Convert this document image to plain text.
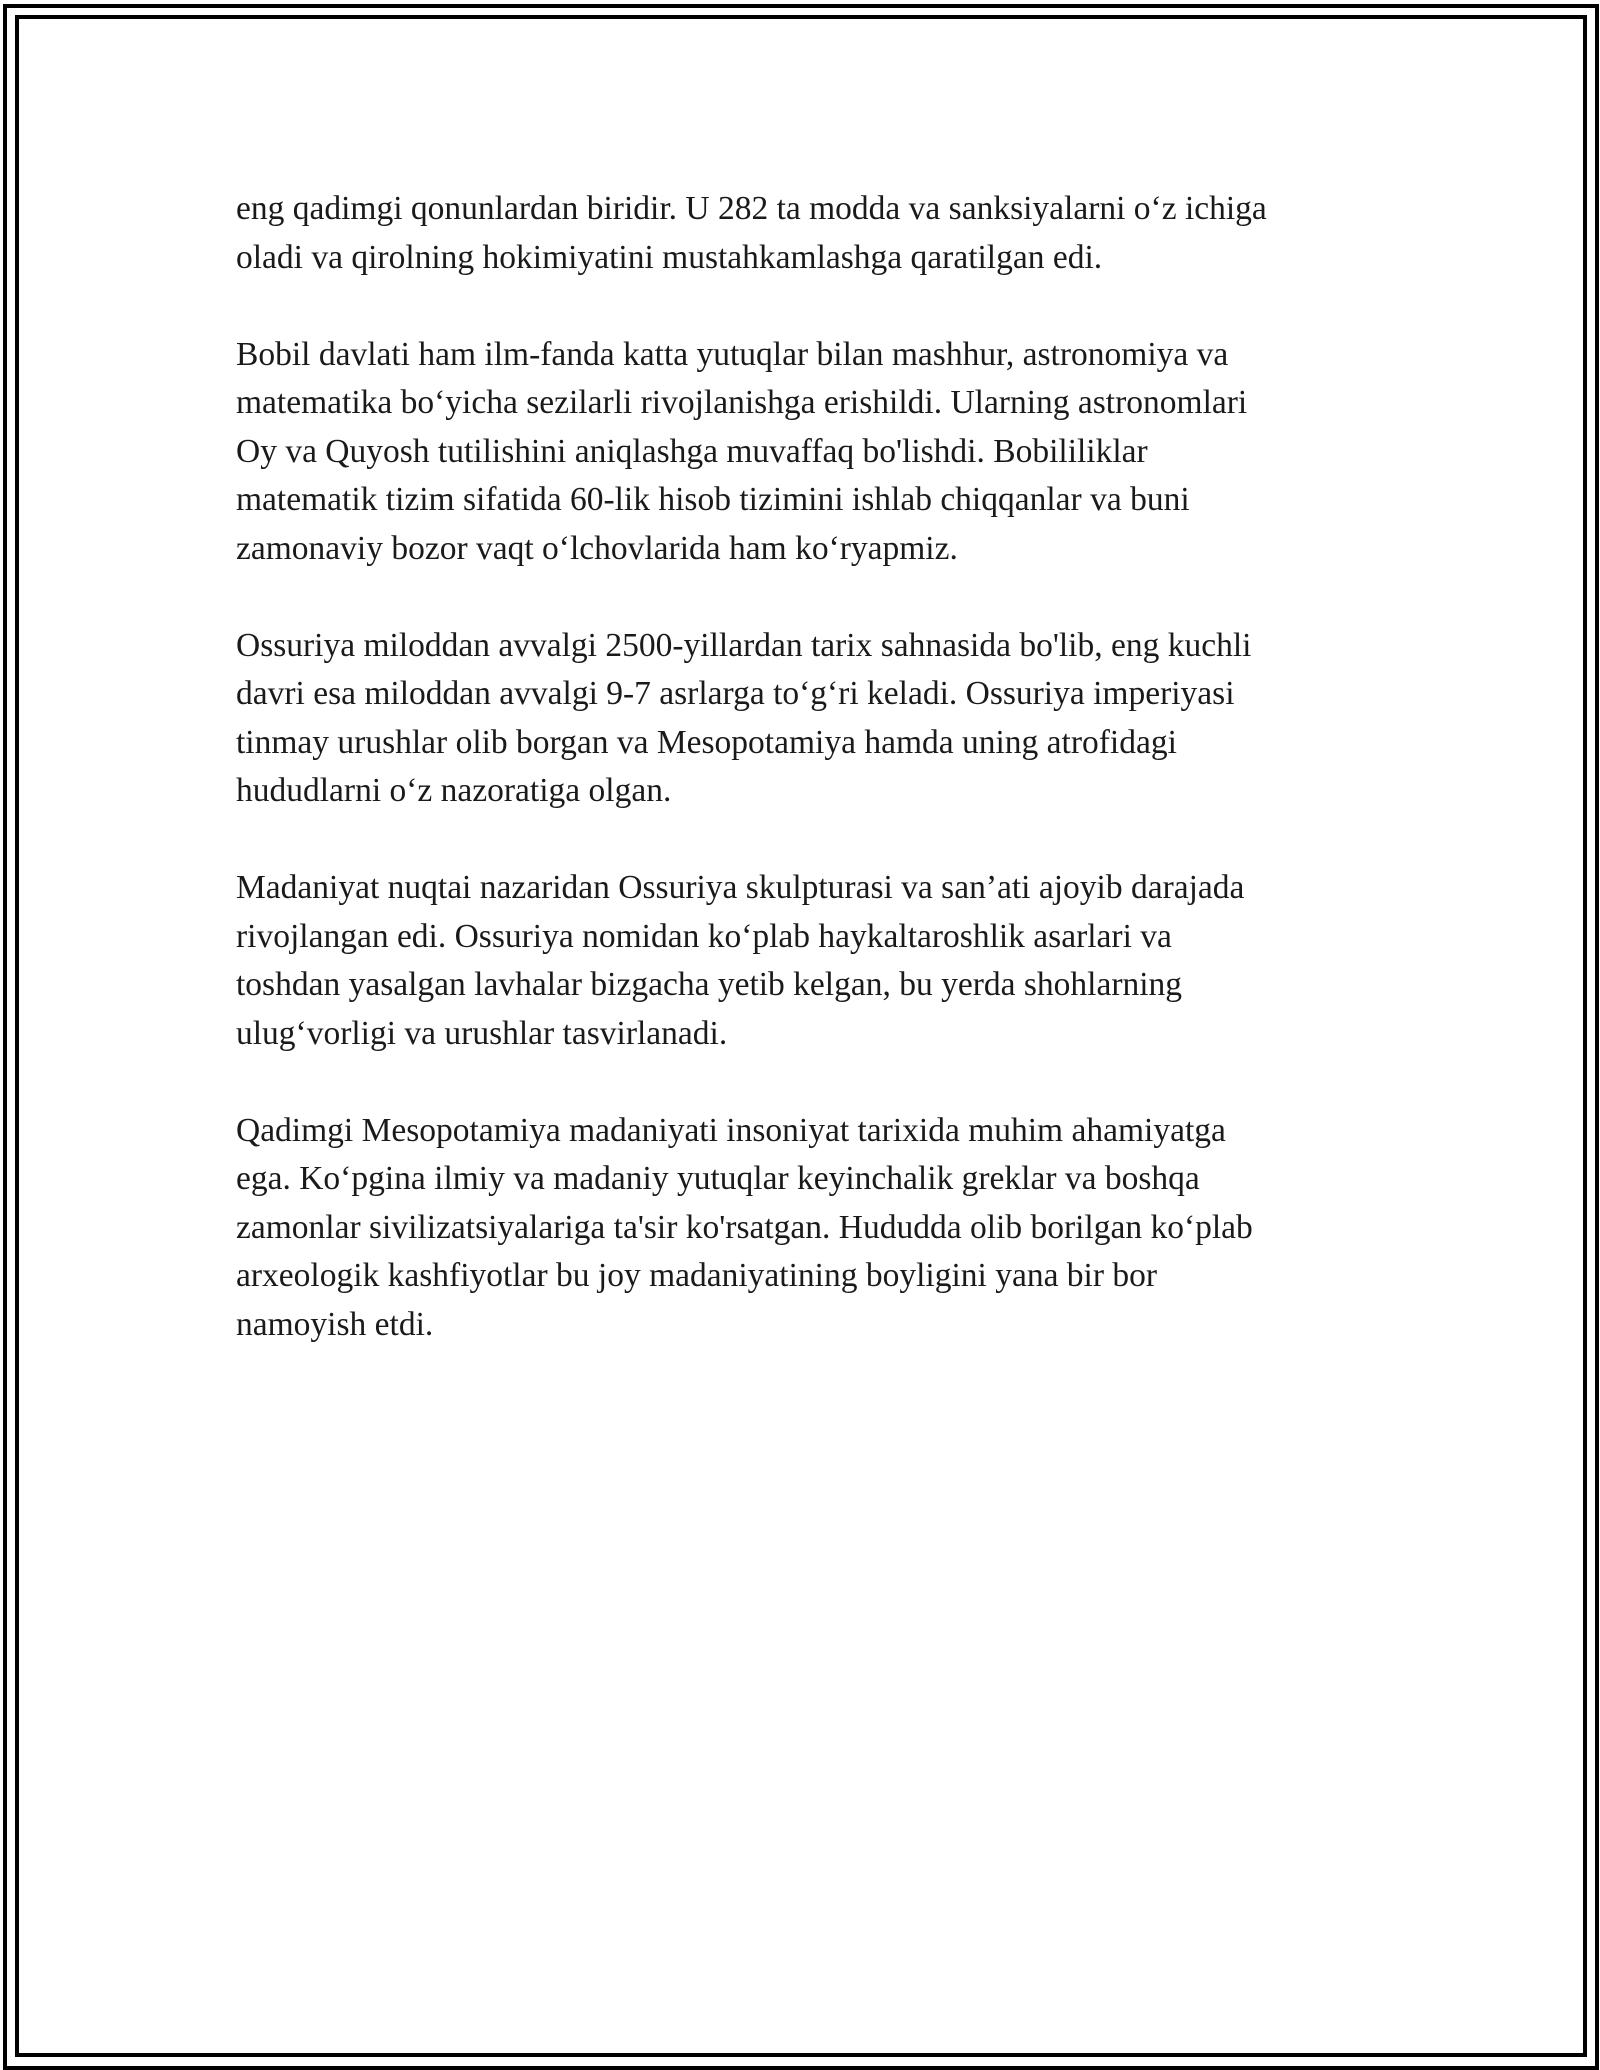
eng qadimgi qonunlardan biridir. U 282 ta modda va sanksiyalarni o‘z ichiga
oladi va qirolning hokimiyatini mustahkamlashga qaratilgan edi.

Bobil davlati ham ilm-fanda katta yutuqlar bilan mashhur, astronomiya va
matematika bo‘yicha sezilarli rivojlanishga erishildi. Ularning astronomlari
Oy va Quyosh tutilishini aniqlashga muvaffaq bo'lishdi. Bobililiklar
matematik tizim sifatida 60-lik hisob tizimini ishlab chiqqanlar va buni
zamonaviy bozor vaqt o‘lchovlarida ham ko‘ryapmiz.

Ossuriya miloddan avvalgi 2500-yillardan tarix sahnasida bo'lib, eng kuchli
davri esa miloddan avvalgi 9-7 asrlarga to‘g‘ri keladi. Ossuriya imperiyasi
tinmay urushlar olib borgan va Mesopotamiya hamda uning atrofidagi
hududlarni o‘z nazoratiga olgan.

Madaniyat nuqtai nazaridan Ossuriya skulpturasi va san’ati ajoyib darajada
rivojlangan edi. Ossuriya nomidan ko‘plab haykaltaroshlik asarlari va
toshdan yasalgan lavhalar bizgacha yetib kelgan, bu yerda shohlarning
ulug‘vorligi va urushlar tasvirlanadi.

Qadimgi Mesopotamiya madaniyati insoniyat tarixida muhim ahamiyatga
ega. Ko‘pgina ilmiy va madaniy yutuqlar keyinchalik greklar va boshqa
zamonlar sivilizatsiyalariga ta'sir ko'rsatgan. Hududda olib borilgan ko‘plab
arxeologik kashfiyotlar bu joy madaniyatining boyligini yana bir bor
namoyish etdi.
